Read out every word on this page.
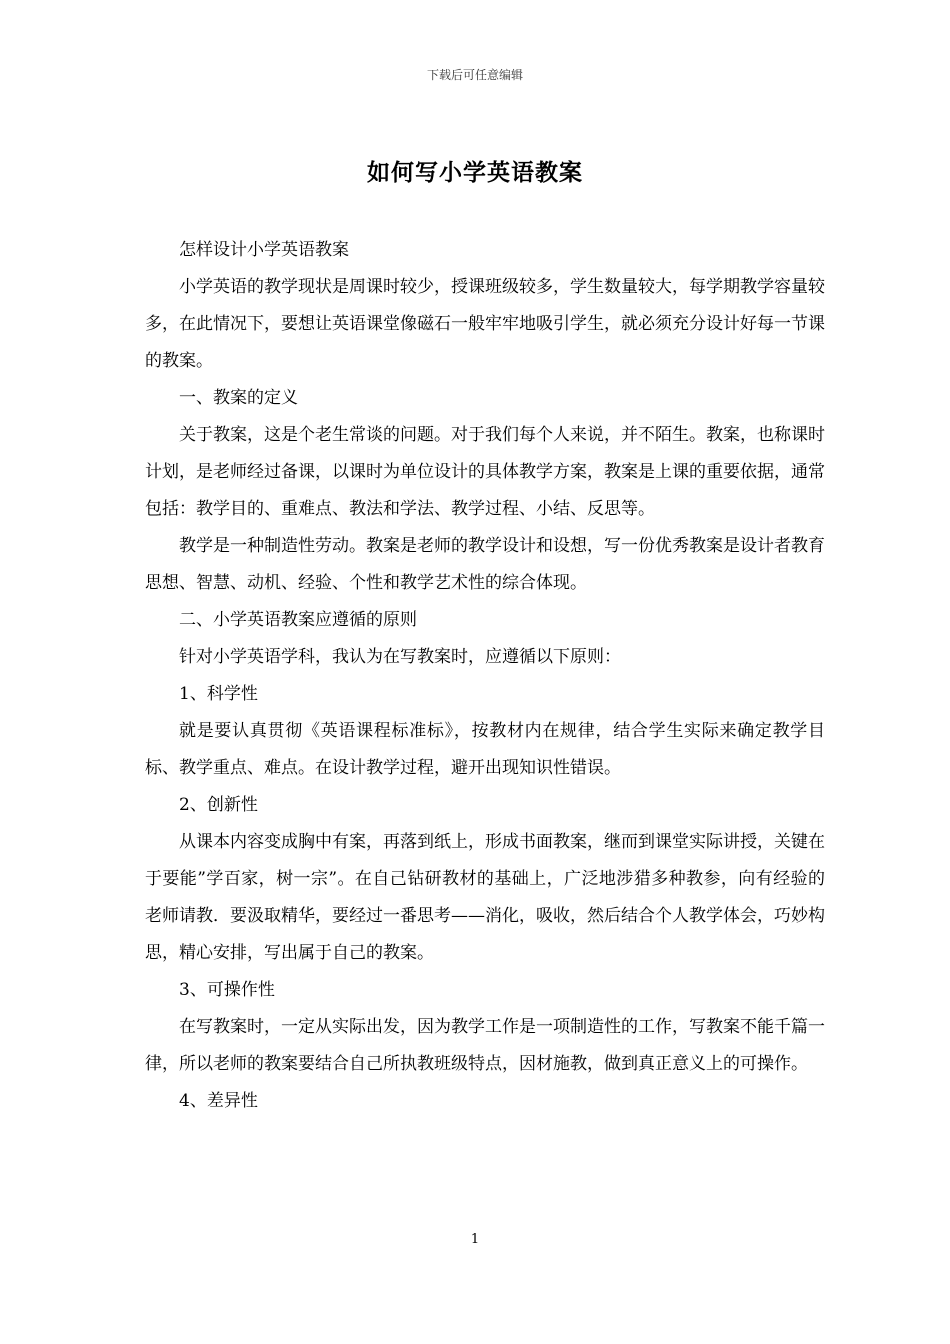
下载后可任意编辑
如何写小学英语教案

怎样设计小学英语教案

小学英语的教学现状是周课时较少，授课班级较多，学生数量较大，每学期教学容量较多，在此情况下，要想让英语课堂像磁石一般牢牢地吸引学生，就必须充分设计好每一节课的教案。

一、教案的定义

关于教案，这是个老生常谈的问题。对于我们每个人来说，并不陌生。教案，也称课时计划，是老师经过备课，以课时为单位设计的具体教学方案，教案是上课的重要依据，通常包括：教学目的、重难点、教法和学法、教学过程、小结、反思等。

教学是一种制造性劳动。教案是老师的教学设计和设想，写一份优秀教案是设计者教育思想、智慧、动机、经验、个性和教学艺术性的综合体现。

二、小学英语教案应遵循的原则

针对小学英语学科，我认为在写教案时，应遵循以下原则：

1、科学性

就是要认真贯彻《英语课程标准标》，按教材内在规律，结合学生实际来确定教学目标、教学重点、难点。在设计教学过程，避开出现知识性错误。

2、创新性

从课本内容变成胸中有案，再落到纸上，形成书面教案，继而到课堂实际讲授，关键在于要能”学百家，树一宗”。在自己钻研教材的基础上，广泛地涉猎多种教参，向有经验的老师请教．要汲取精华，要经过一番思考——消化，吸收，然后结合个人教学体会，巧妙构思，精心安排，写出属于自己的教案。

3、可操作性

在写教案时，一定从实际出发，因为教学工作是一项制造性的工作，写教案不能千篇一律，所以老师的教案要结合自己所执教班级特点，因材施教，做到真正意义上的可操作。

4、差异性

1
